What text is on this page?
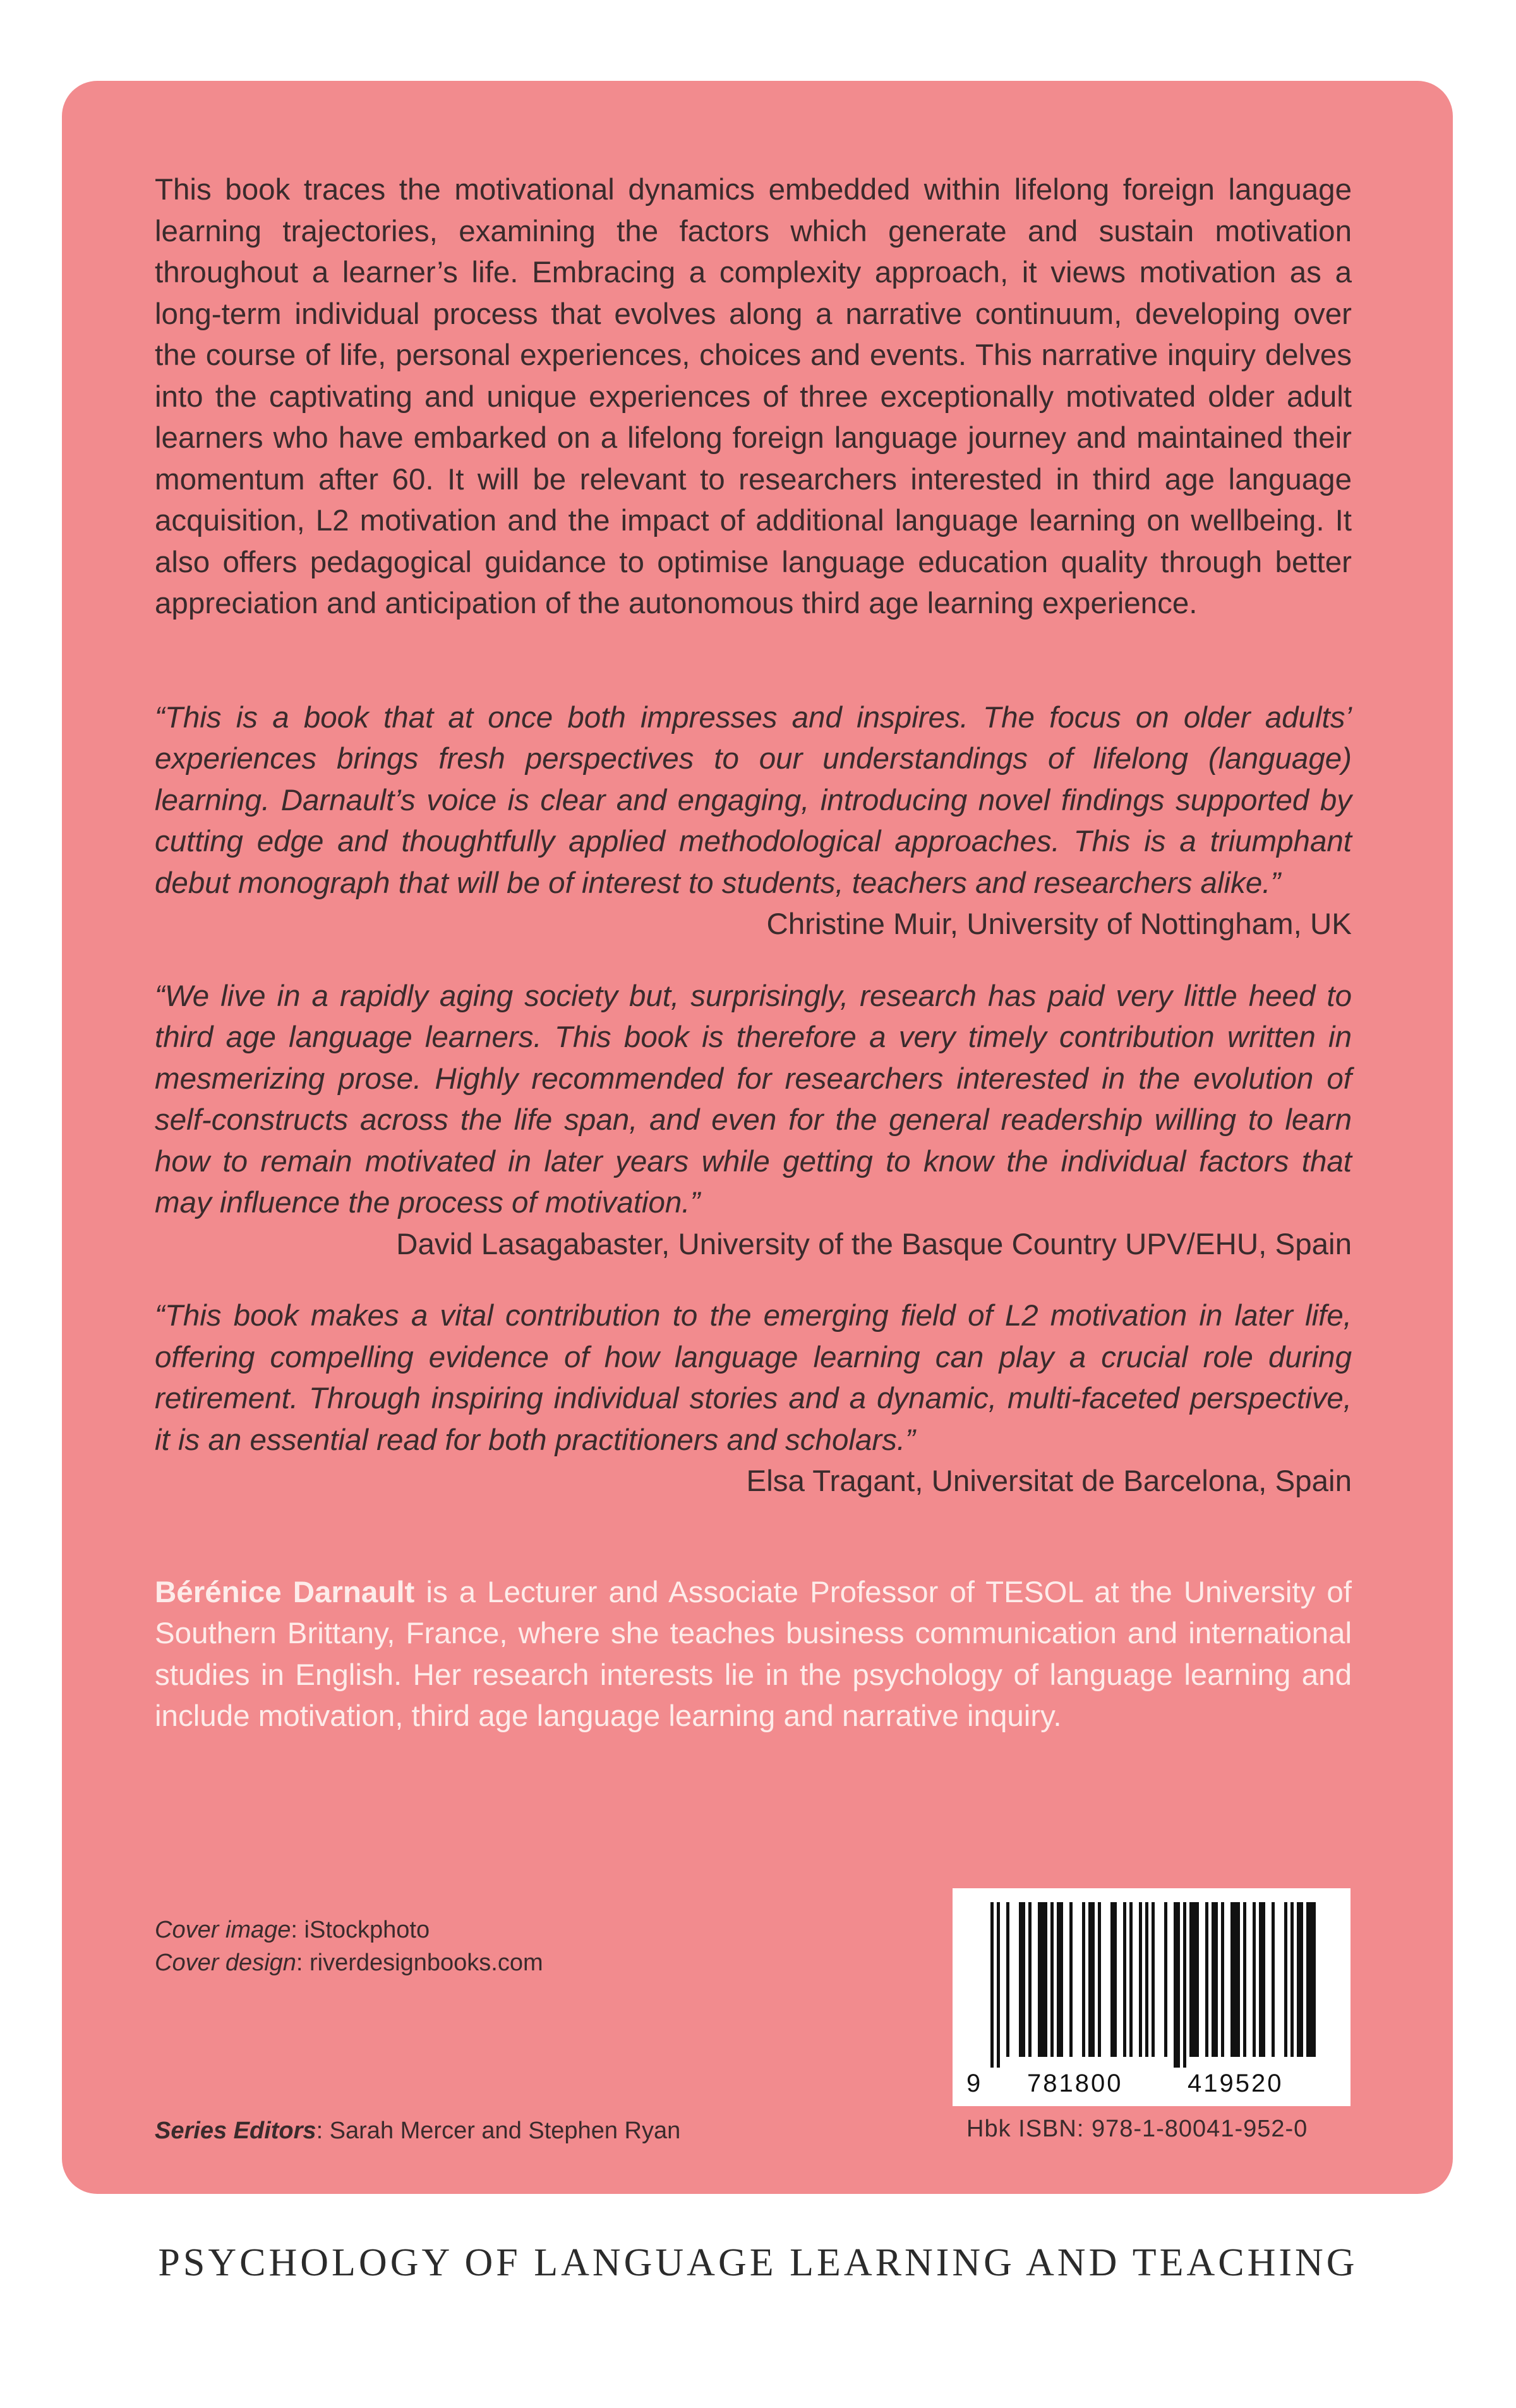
This book traces the motivational dynamics embedded within lifelong foreign language learning trajectories, examining the factors which generate and sustain motivation throughout a learner’s life. Embracing a complexity approach, it views motivation as a long-term individual process that evolves along a narrative continuum, developing over the course of life, personal experiences, choices and events. This narrative inquiry delves into the captivating and unique experiences of three exceptionally motivated older adult learners who have embarked on a lifelong foreign language journey and maintained their momentum after 60. It will be relevant to researchers interested in third age language acquisition, L2 motivation and the impact of additional language learning on wellbeing. It also offers pedagogical guidance to optimise language education quality through better appreciation and anticipation of the autonomous third age learning experience.

“This is a book that at once both impresses and inspires. The focus on older adults’ experiences brings fresh perspectives to our understandings of lifelong (language) learning. Darnault’s voice is clear and engaging, introducing novel findings supported by cutting edge and thoughtfully applied methodological approaches. This is a triumphant debut monograph that will be of interest to students, teachers and researchers alike.”

Christine Muir, University of Nottingham, UK

“We live in a rapidly aging society but, surprisingly, research has paid very little heed to third age language learners. This book is therefore a very timely contribution written in mesmerizing prose. Highly recommended for researchers interested in the evolution of self-constructs across the life span, and even for the general readership willing to learn how to remain motivated in later years while getting to know the individual factors that may influence the process of motivation.”

David Lasagabaster, University of the Basque Country UPV/EHU, Spain

“This book makes a vital contribution to the emerging field of L2 motivation in later life, offering compelling evidence of how language learning can play a crucial role during retirement. Through inspiring individual stories and a dynamic, multi-faceted perspective, it is an essential read for both practitioners and scholars.”

Elsa Tragant, Universitat de Barcelona, Spain

Bérénice Darnault is a Lecturer and Associate Professor of TESOL at the University of Southern Brittany, France, where she teaches business communication and international studies in English. Her research interests lie in the psychology of language learning and include motivation, third age language learning and narrative inquiry.

Cover image: iStockphoto
Cover design: riverdesignbooks.com
Series Editors: Sarah Mercer and Stephen Ryan
9 781800	419520
Hbk ISBN: 978-1-80041-952-0
PSYCHOLOGY OF LANGUAGE LEARNING AND TEACHING
